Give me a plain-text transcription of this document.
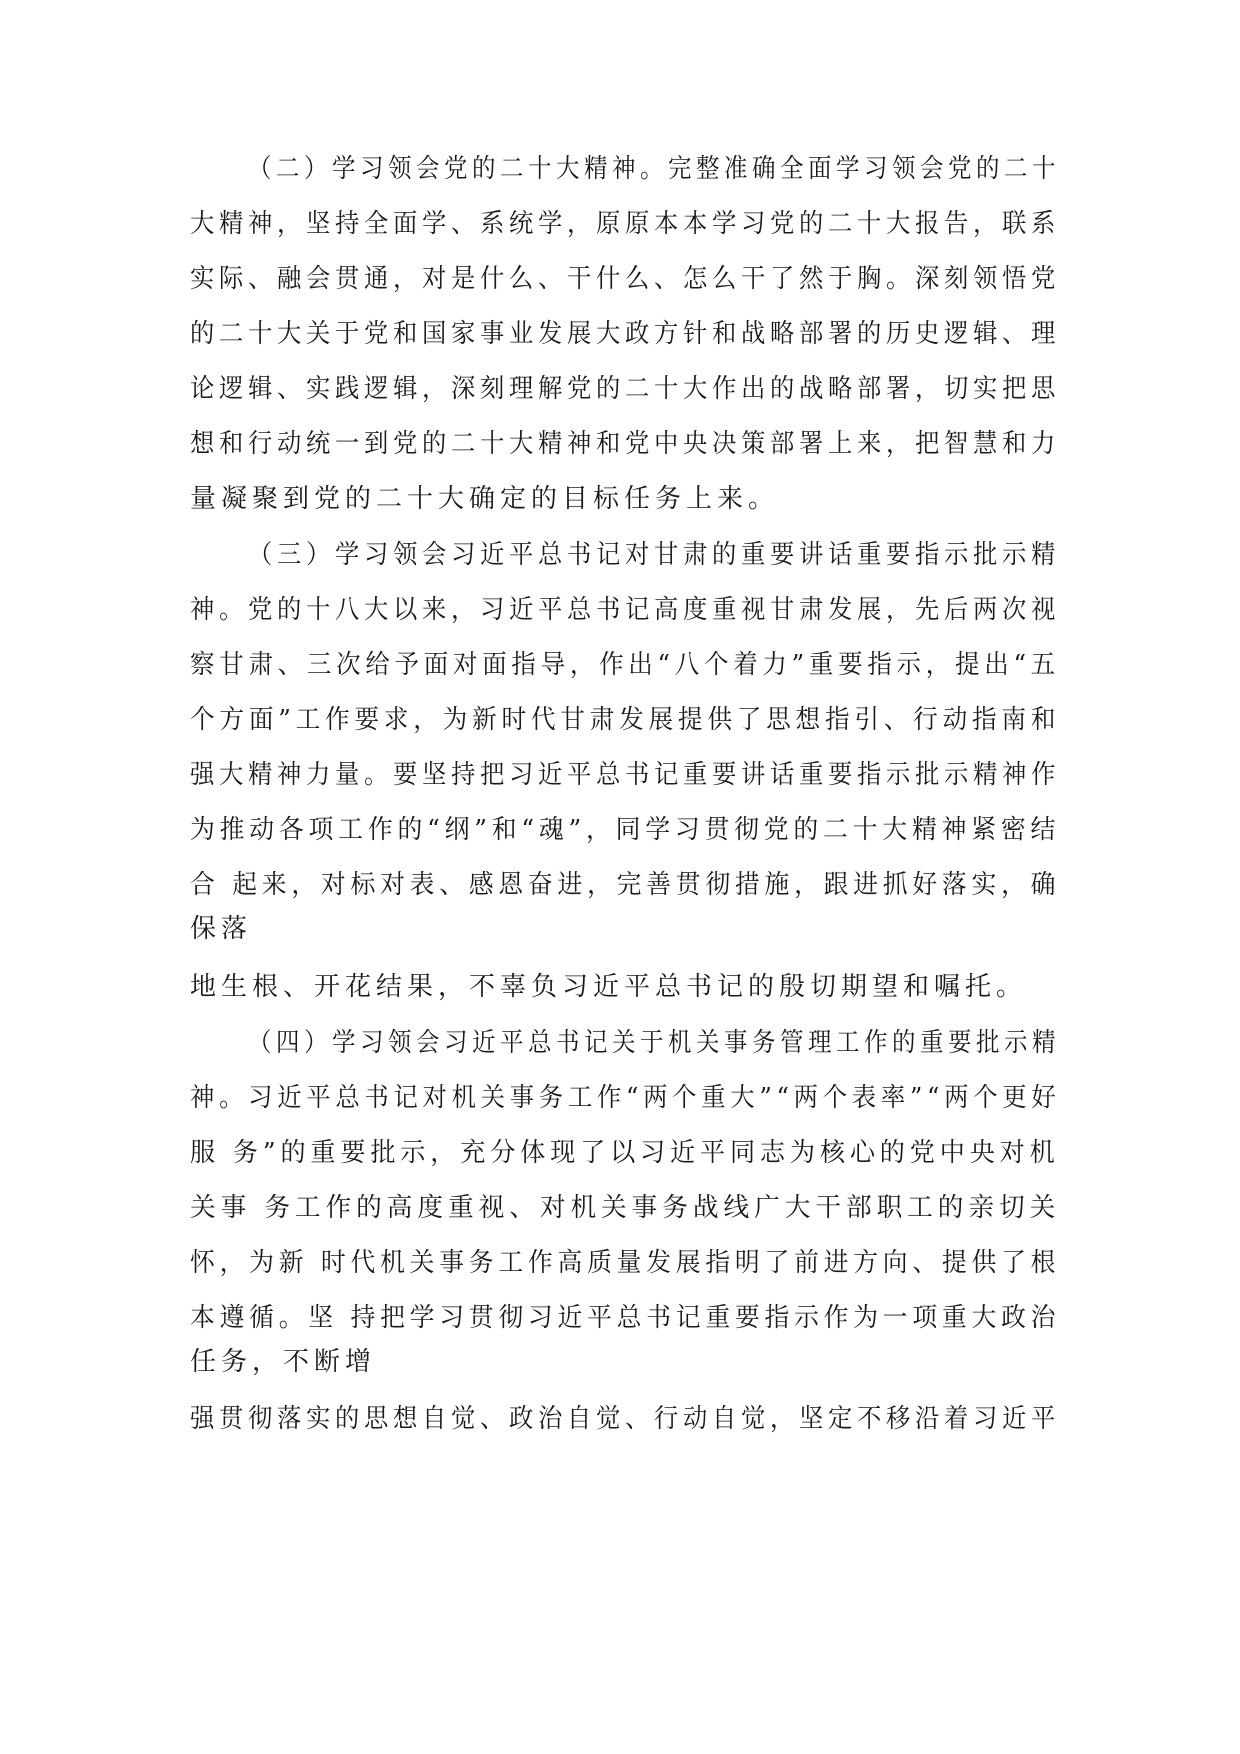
（二）学习领会党的二十大精神。完整准确全面学习领会党的二十
大精神，坚持全面学、系统学，原原本本学习党的二十大报告，联系
实际、融会贯通，对是什么、干什么、怎么干了然于胸。深刻领悟党
的二十大关于党和国家事业发展大政方针和战略部署的历史逻辑、理
论逻辑、实践逻辑，深刻理解党的二十大作出的战略部署，切实把思
想和行动统一到党的二十大精神和党中央决策部署上来，把智慧和力
量凝聚到党的二十大确定的目标任务上来。
（三）学习领会习近平总书记对甘肃的重要讲话重要指示批示精
神。党的十八大以来，习近平总书记高度重视甘肃发展，先后两次视
察甘肃、三次给予面对面指导，作出“八个着力”重要指示，提出“五
个方面”工作要求，为新时代甘肃发展提供了思想指引、行动指南和
强大精神力量。要坚持把习近平总书记重要讲话重要指示批示精神作
为推动各项工作的“纲”和“魂”，同学习贯彻党的二十大精神紧密结
合 起来，对标对表、感恩奋进，完善贯彻措施，跟进抓好落实，确
保落
地生根、开花结果，不辜负习近平总书记的殷切期望和嘱托。
（四）学习领会习近平总书记关于机关事务管理工作的重要批示精
神。习近平总书记对机关事务工作“两个重大”“两个表率”“两个更好
服 务”的重要批示，充分体现了以习近平同志为核心的党中央对机
关事 务工作的高度重视、对机关事务战线广大干部职工的亲切关
怀，为新 时代机关事务工作高质量发展指明了前进方向、提供了根
本遵循。坚 持把学习贯彻习近平总书记重要指示作为一项重大政治
任务，不断增
强贯彻落实的思想自觉、政治自觉、行动自觉，坚定不移沿着习近平
